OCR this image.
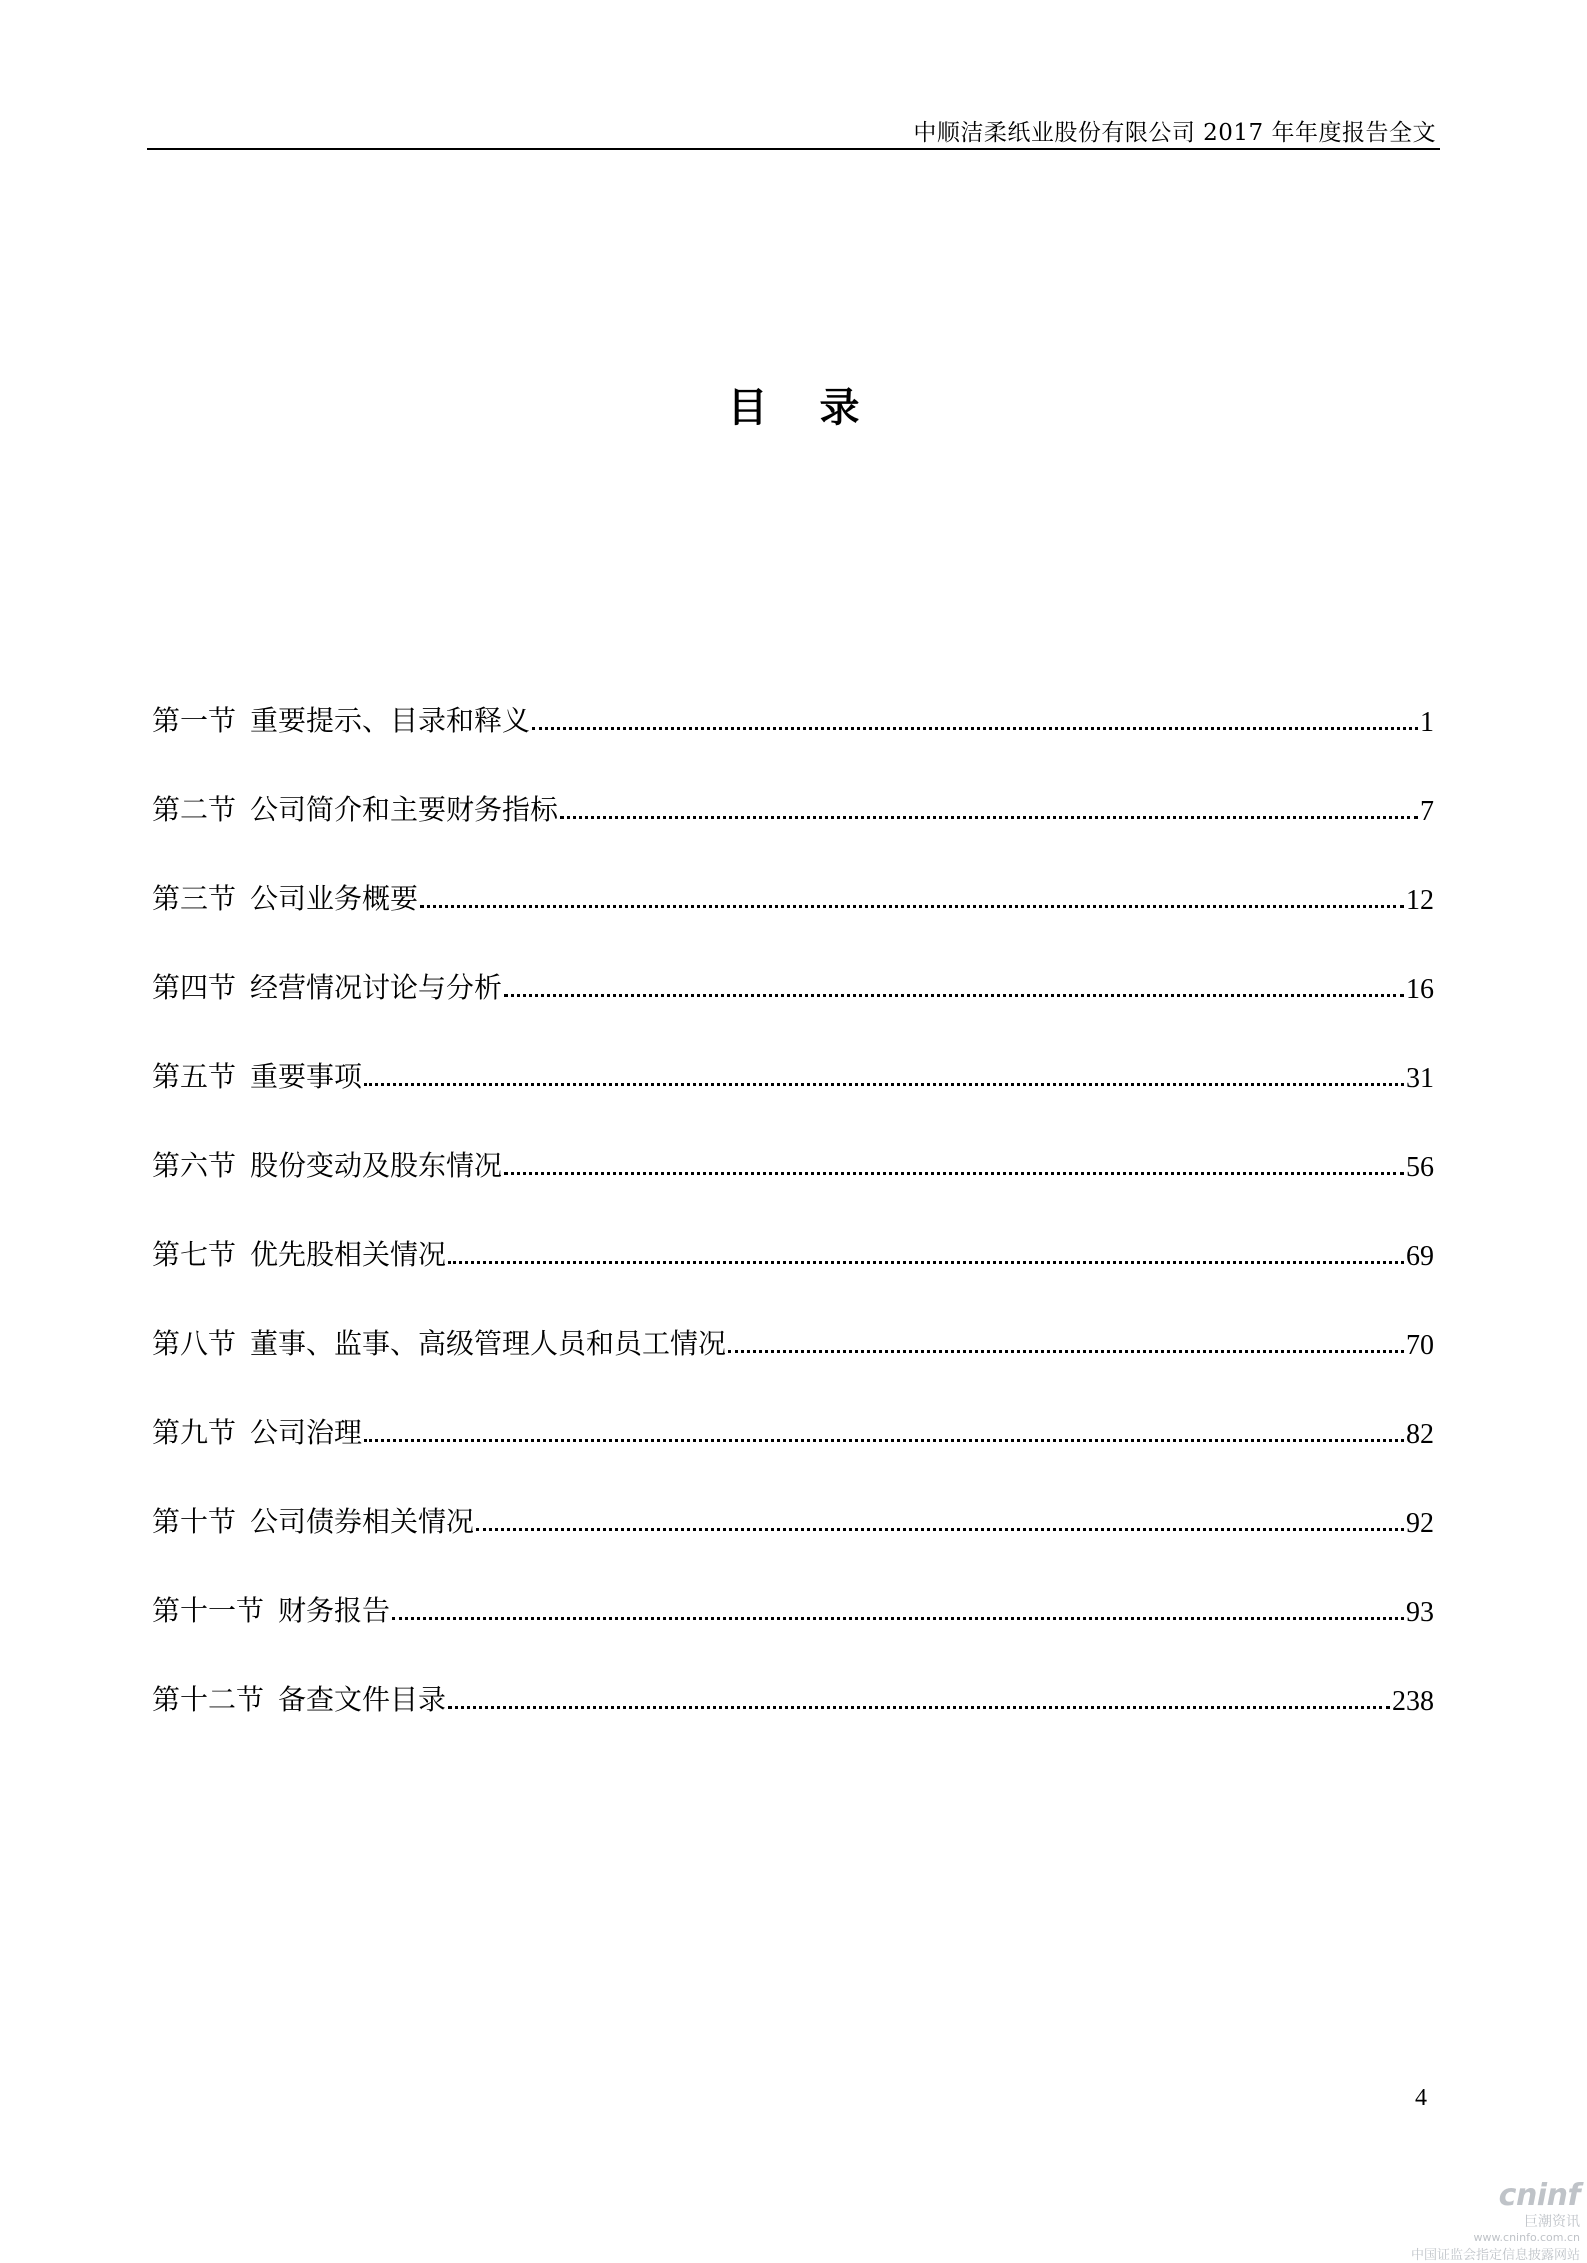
中顺洁柔纸业股份有限公司 2017 年年度报告全文
目录
第一节 重要提示、目录和释义	1
第二节 公司简介和主要财务指标	7
第三节 公司业务概要	12
第四节 经营情况讨论与分析	16
第五节 重要事项	31
第六节 股份变动及股东情况	56
第七节 优先股相关情况	69
第八节 董事、监事、高级管理人员和员工情况	70
第九节 公司治理	82
第十节 公司债券相关情况	92
第十一节 财务报告	93
第十二节 备查文件目录	238
4
cninf
巨潮资讯
www.cninfo.com.cn
中国证监会指定信息披露网站
